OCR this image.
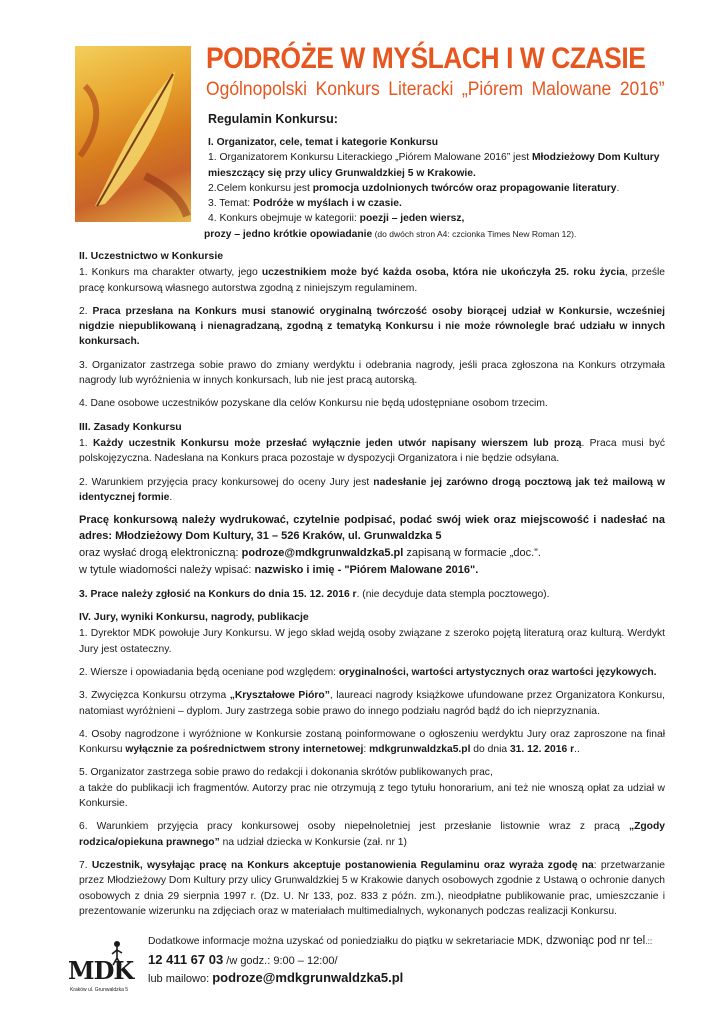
PODRÓŻE W MYŚLACH I W CZASIE
Ogólnopolski Konkurs Literacki „Piórem Malowane 2016”
Regulamin Konkursu:

I. Organizator, cele, temat i kategorie Konkursu

1. Organizatorem Konkursu Literackiego „Piórem Malowane 2016” jest Młodzieżowy Dom Kultury mieszczący się przy ulicy Grunwaldzkiej 5 w Krakowie.

2.Celem konkursu jest promocja uzdolnionych twórców oraz propagowanie literatury.

3. Temat: Podróże w myślach i w czasie.

4. Konkurs obejmuje w kategorii: poezji – jeden wiersz,

prozy – jedno krótkie opowiadanie (do dwóch stron A4: czcionka Times New Roman 12).

II. Uczestnictwo w Konkursie

1. Konkurs ma charakter otwarty, jego uczestnikiem może być każda osoba, która nie ukończyła 25. roku życia, prześle pracę konkursową własnego autorstwa zgodną z niniejszym regulaminem.

2. Praca przesłana na Konkurs musi stanowić oryginalną twórczość osoby biorącej udział w Konkursie, wcześniej nigdzie niepublikowaną i nienagradzaną, zgodną z tematyką Konkursu i nie może równolegle brać udziału w innych konkursach.

3. Organizator zastrzega sobie prawo do zmiany werdyktu i odebrania nagrody, jeśli praca zgłoszona na Konkurs otrzymała nagrody lub wyróżnienia w innych konkursach, lub nie jest pracą autorską.

4. Dane osobowe uczestników pozyskane dla celów Konkursu nie będą udostępniane osobom trzecim.

III. Zasady Konkursu

1. Każdy uczestnik Konkursu może przesłać wyłącznie jeden utwór napisany wierszem lub prozą. Praca musi być polskojęzyczna. Nadesłana na Konkurs praca pozostaje w dyspozycji Organizatora i nie będzie odsyłana.

2. Warunkiem przyjęcia pracy konkursowej do oceny Jury jest nadesłanie jej zarówno drogą pocztową jak też mailową w identycznej formie.

Pracę konkursową należy wydrukować, czytelnie podpisać, podać swój wiek oraz miejscowość i nadesłać na adres: Młodzieżowy Dom Kultury, 31 – 526 Kraków, ul. Grunwaldzka 5

oraz wysłać drogą elektroniczną: podroze@mdkgrunwaldzka5.pl zapisaną w formacie „doc.”.

w tytule wiadomości należy wpisać: nazwisko i imię - "Piórem Malowane 2016".

3. Prace należy zgłosić na Konkurs do dnia 15. 12. 2016 r. (nie decyduje data stempla pocztowego).

IV. Jury, wyniki Konkursu, nagrody, publikacje

1. Dyrektor MDK powołuje Jury Konkursu. W jego skład wejdą osoby związane z szeroko pojętą literaturą oraz kulturą. Werdykt Jury jest ostateczny.

2. Wiersze i opowiadania będą oceniane pod względem: oryginalności, wartości artystycznych oraz wartości językowych.

3. Zwycięzca Konkursu otrzyma „Kryształowe Pióro”, laureaci nagrody książkowe ufundowane przez Organizatora Konkursu, natomiast wyróżnieni – dyplom. Jury zastrzega sobie prawo do innego podziału nagród bądź do ich nieprzyznania.

4. Osoby nagrodzone i wyróżnione w Konkursie zostaną poinformowane o ogłoszeniu werdyktu Jury oraz zaproszone na finał Konkursu wyłącznie za pośrednictwem strony internetowej: mdkgrunwaldzka5.pl do dnia 31. 12. 2016 r..

5. Organizator zastrzega sobie prawo do redakcji i dokonania skrótów publikowanych prac,
a także do publikacji ich fragmentów. Autorzy prac nie otrzymują z tego tytułu honorarium, ani też nie wnoszą opłat za udział w Konkursie.

6. Warunkiem przyjęcia pracy konkursowej osoby niepełnoletniej jest przesłanie listownie wraz z pracą „Zgody rodzica/opiekuna prawnego” na udział dziecka w Konkursie (zał. nr 1)

7. Uczestnik, wysyłając pracę na Konkurs akceptuje postanowienia Regulaminu oraz wyraża zgodę na: przetwarzanie przez Młodzieżowy Dom Kultury przy ulicy Grunwaldzkiej 5 w Krakowie danych osobowych zgodnie z Ustawą o ochronie danych osobowych z dnia 29 sierpnia 1997 r. (Dz. U. Nr 133, poz. 833 z późn. zm.), nieodpłatne publikowanie prac, umieszczanie i prezentowanie wizerunku na zdjęciach oraz w materiałach multimedialnych, wykonanych podczas realizacji Konkursu.

MDK
Kraków ul. Grunwaldzka 5
Dodatkowe informacje można uzyskać od poniedziałku do piątku w sekretariacie MDK, dzwoniąc pod nr tel.::
12 411 67 03 /w godz.: 9:00 – 12:00/
lub mailowo: podroze@mdkgrunwaldzka5.pl
